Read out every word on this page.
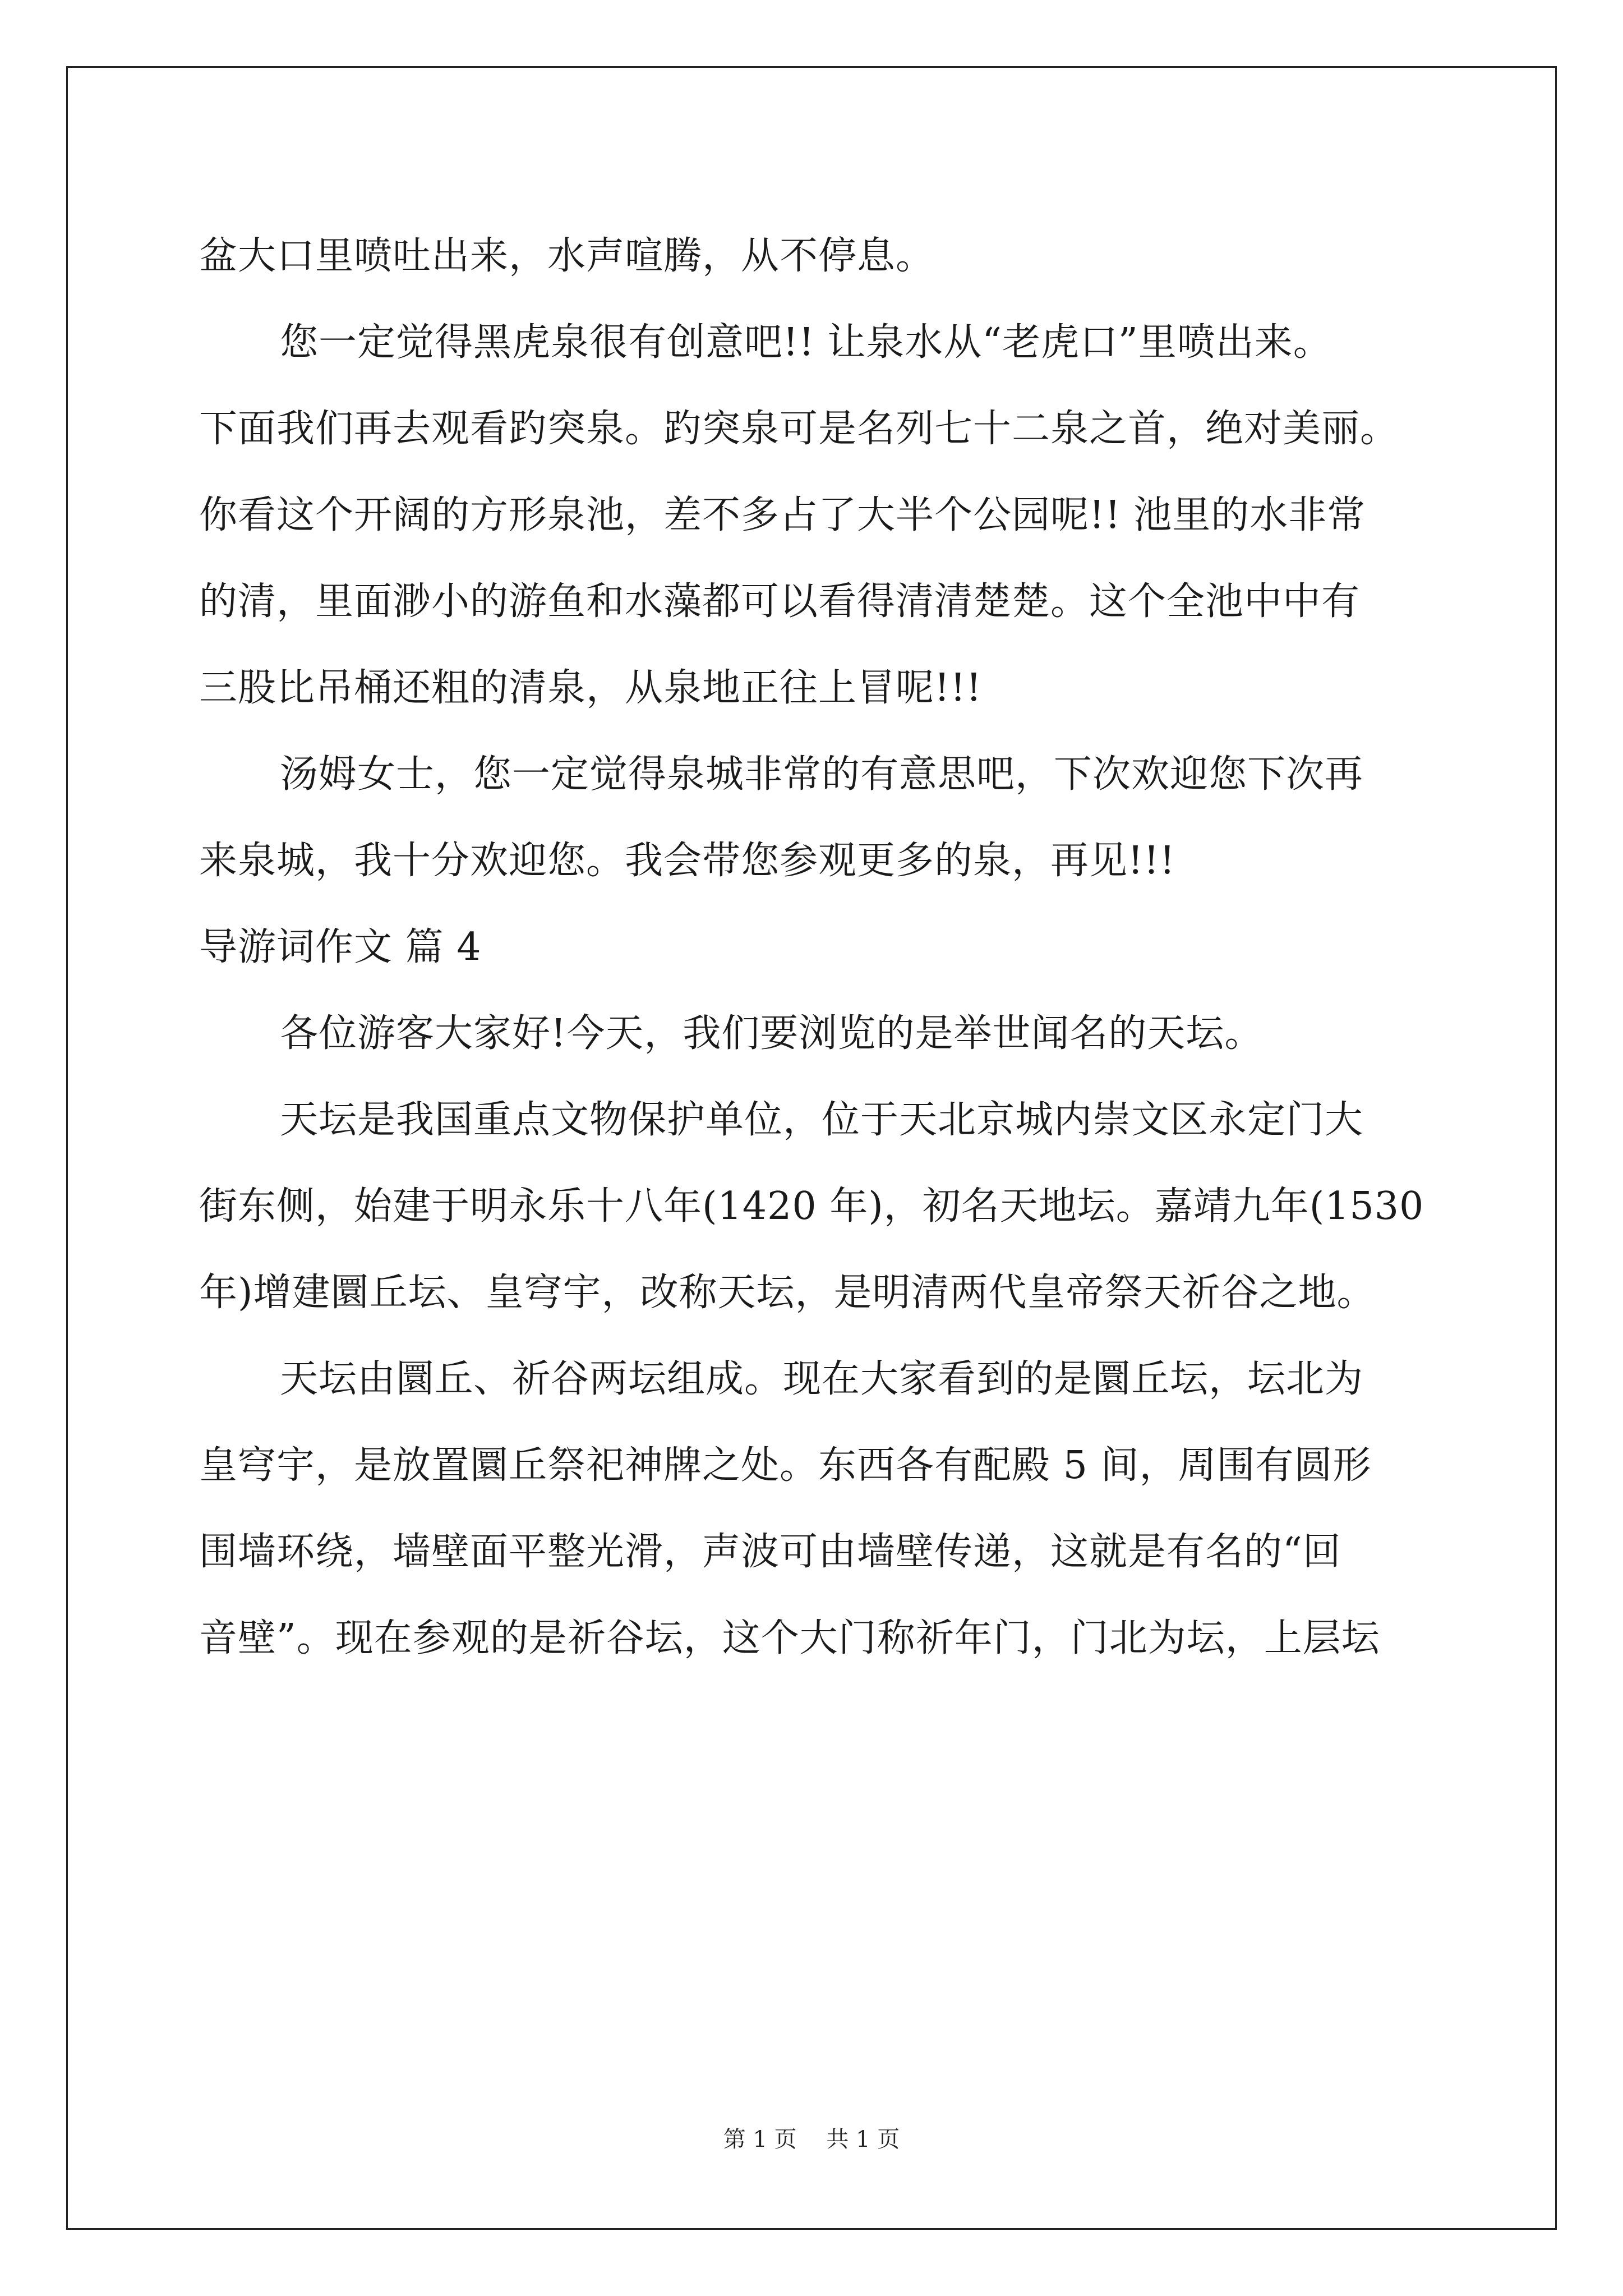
盆大口里喷吐出来，水声喧腾，从不停息。
您一定觉得黑虎泉很有创意吧!! 让泉水从“老虎口”里喷出来。
下面我们再去观看趵突泉。趵突泉可是名列七十二泉之首，绝对美丽。
你看这个开阔的方形泉池，差不多占了大半个公园呢!! 池里的水非常
的清，里面渺小的游鱼和水藻都可以看得清清楚楚。这个全池中中有
三股比吊桶还粗的清泉，从泉地正往上冒呢!!!
汤姆女士，您一定觉得泉城非常的有意思吧，下次欢迎您下次再
来泉城，我十分欢迎您。我会带您参观更多的泉，再见!!!
导游词作文 篇 4
各位游客大家好!今天，我们要浏览的是举世闻名的天坛。
天坛是我国重点文物保护单位，位于天北京城内崇文区永定门大
街东侧，始建于明永乐十八年(1420 年)，初名天地坛。嘉靖九年(1530
年)增建圜丘坛、皇穹宇，改称天坛，是明清两代皇帝祭天祈谷之地。
天坛由圜丘、祈谷两坛组成。现在大家看到的是圜丘坛，坛北为
皇穹宇，是放置圜丘祭祀神牌之处。东西各有配殿 5 间，周围有圆形
围墙环绕，墙壁面平整光滑，声波可由墙壁传递，这就是有名的“回
音壁”。现在参观的是祈谷坛，这个大门称祈年门，门北为坛，上层坛
第 1 页 共 1 页
